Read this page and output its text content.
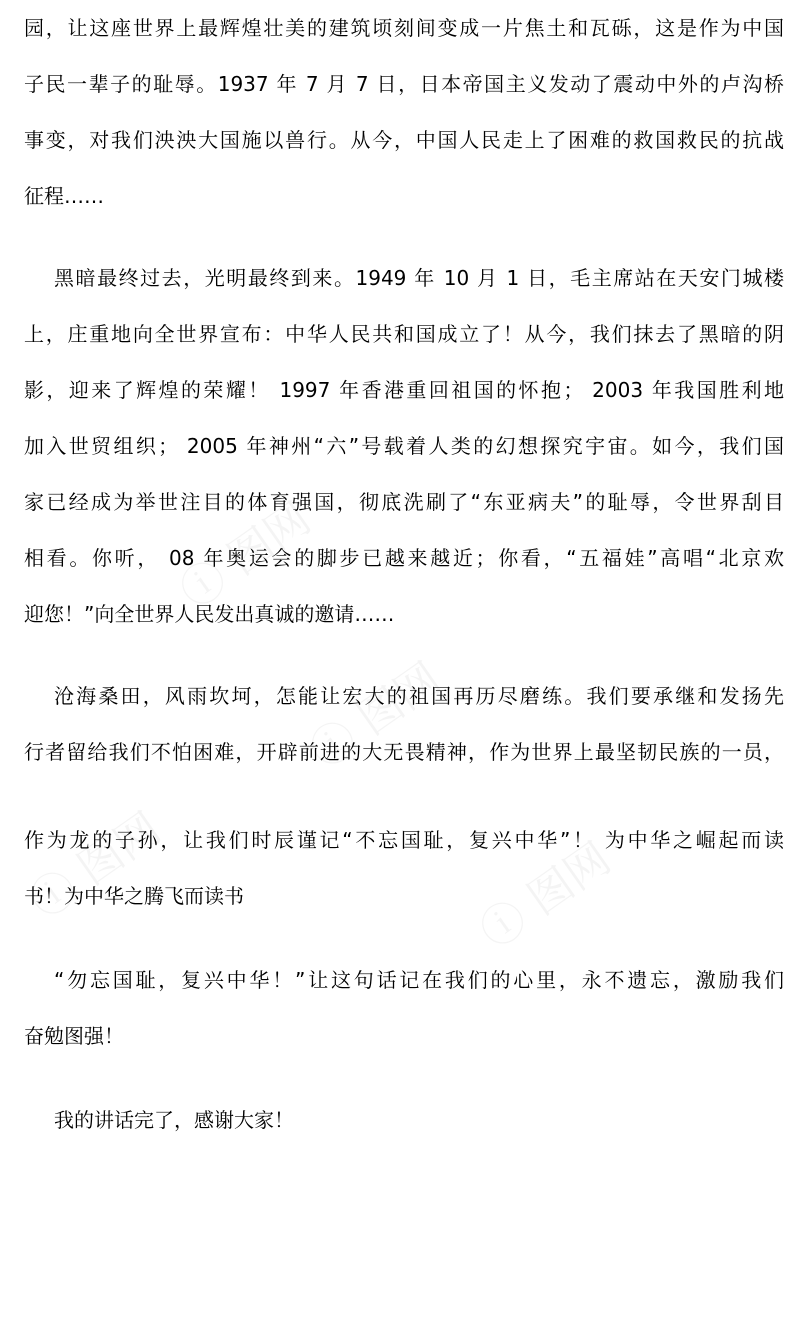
园，让这座世界上最辉煌壮美的建筑顷刻间变成一片焦土和瓦砾，这是作为中国
子民一辈子的耻辱。1937 年 7 月 7 日，日本帝国主义发动了震动中外的卢沟桥
事变，对我们泱泱大国施以兽行。从今，中国人民走上了困难的救国救民的抗战
征程……
黑暗最终过去，光明最终到来。1949 年 10 月 1 日，毛主席站在天安门城楼
上，庄重地向全世界宣布：中华人民共和国成立了！从今，我们抹去了黑暗的阴
影，迎来了辉煌的荣耀！ 1997 年香港重回祖国的怀抱； 2003 年我国胜利地
加入世贸组织； 2005 年神州“六”号载着人类的幻想探究宇宙。如今，我们国
家已经成为举世注目的体育强国，彻底洗刷了“东亚病夫”的耻辱，令世界刮目
相看。你听， 08 年奥运会的脚步已越来越近；你看，“五福娃”高唱“北京欢
迎您！”向全世界人民发出真诚的邀请……
沧海桑田，风雨坎坷，怎能让宏大的祖国再历尽磨练。我们要承继和发扬先
行者留给我们不怕困难，开辟前进的大无畏精神，作为世界上最坚韧民族的一员，
作为龙的子孙，让我们时辰谨记“不忘国耻，复兴中华”！ 为中华之崛起而读
书！为中华之腾飞而读书
“勿忘国耻，复兴中华！”让这句话记在我们的心里，永不遗忘，激励我们
奋勉图强！
我的讲话完了，感谢大家！
